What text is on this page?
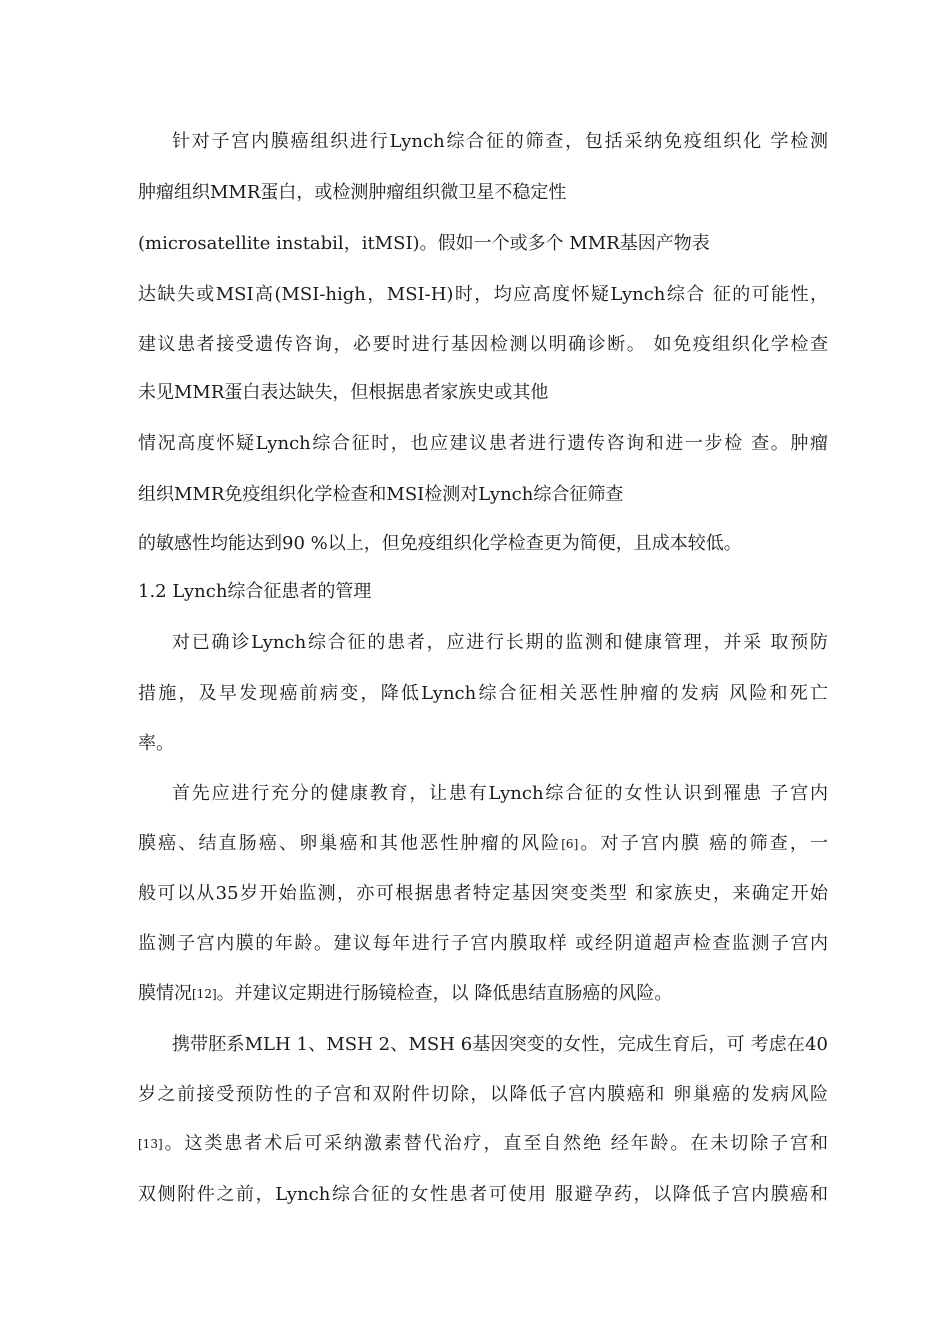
针对子宫内膜癌组织进行Lynch综合征的筛查，包括采纳免疫组织化 学检测
肿瘤组织MMR蛋白，或检测肿瘤组织微卫星不稳定性
(microsatellite instabil，itMSI)。假如一个或多个 MMR基因产物表
达缺失或MSI高(MSI-high，MSI-H)时，均应高度怀疑Lynch综合 征的可能性，
建议患者接受遗传咨询，必要时进行基因检测以明确诊断。 如免疫组织化学检查
未见MMR蛋白表达缺失，但根据患者家族史或其他
情况高度怀疑Lynch综合征时，也应建议患者进行遗传咨询和进一步检 查。肿瘤
组织MMR免疫组织化学检查和MSI检测对Lynch综合征筛查
的敏感性均能达到90 %以上，但免疫组织化学检查更为简便，且成本较低。
1.2 Lynch综合征患者的管理
对已确诊Lynch综合征的患者，应进行长期的监测和健康管理，并采 取预防
措施，及早发现癌前病变，降低Lynch综合征相关恶性肿瘤的发病 风险和死亡
率。
首先应进行充分的健康教育，让患有Lynch综合征的女性认识到罹患 子宫内
膜癌、结直肠癌、卵巢癌和其他恶性肿瘤的风险[6]。对子宫内膜 癌的筛查，一
般可以从35岁开始监测，亦可根据患者特定基因突变类型 和家族史，来确定开始
监测子宫内膜的年龄。建议每年进行子宫内膜取样 或经阴道超声检查监测子宫内
膜情况[12]。并建议定期进行肠镜检查，以 降低患结直肠癌的风险。
携带胚系MLH 1、MSH 2、MSH 6基因突变的女性，完成生育后，可 考虑在40
岁之前接受预防性的子宫和双附件切除，以降低子宫内膜癌和 卵巢癌的发病风险
[13]。这类患者术后可采纳激素替代治疗，直至自然绝 经年龄。在未切除子宫和
双侧附件之前，Lynch综合征的女性患者可使用 服避孕药，以降低子宫内膜癌和
